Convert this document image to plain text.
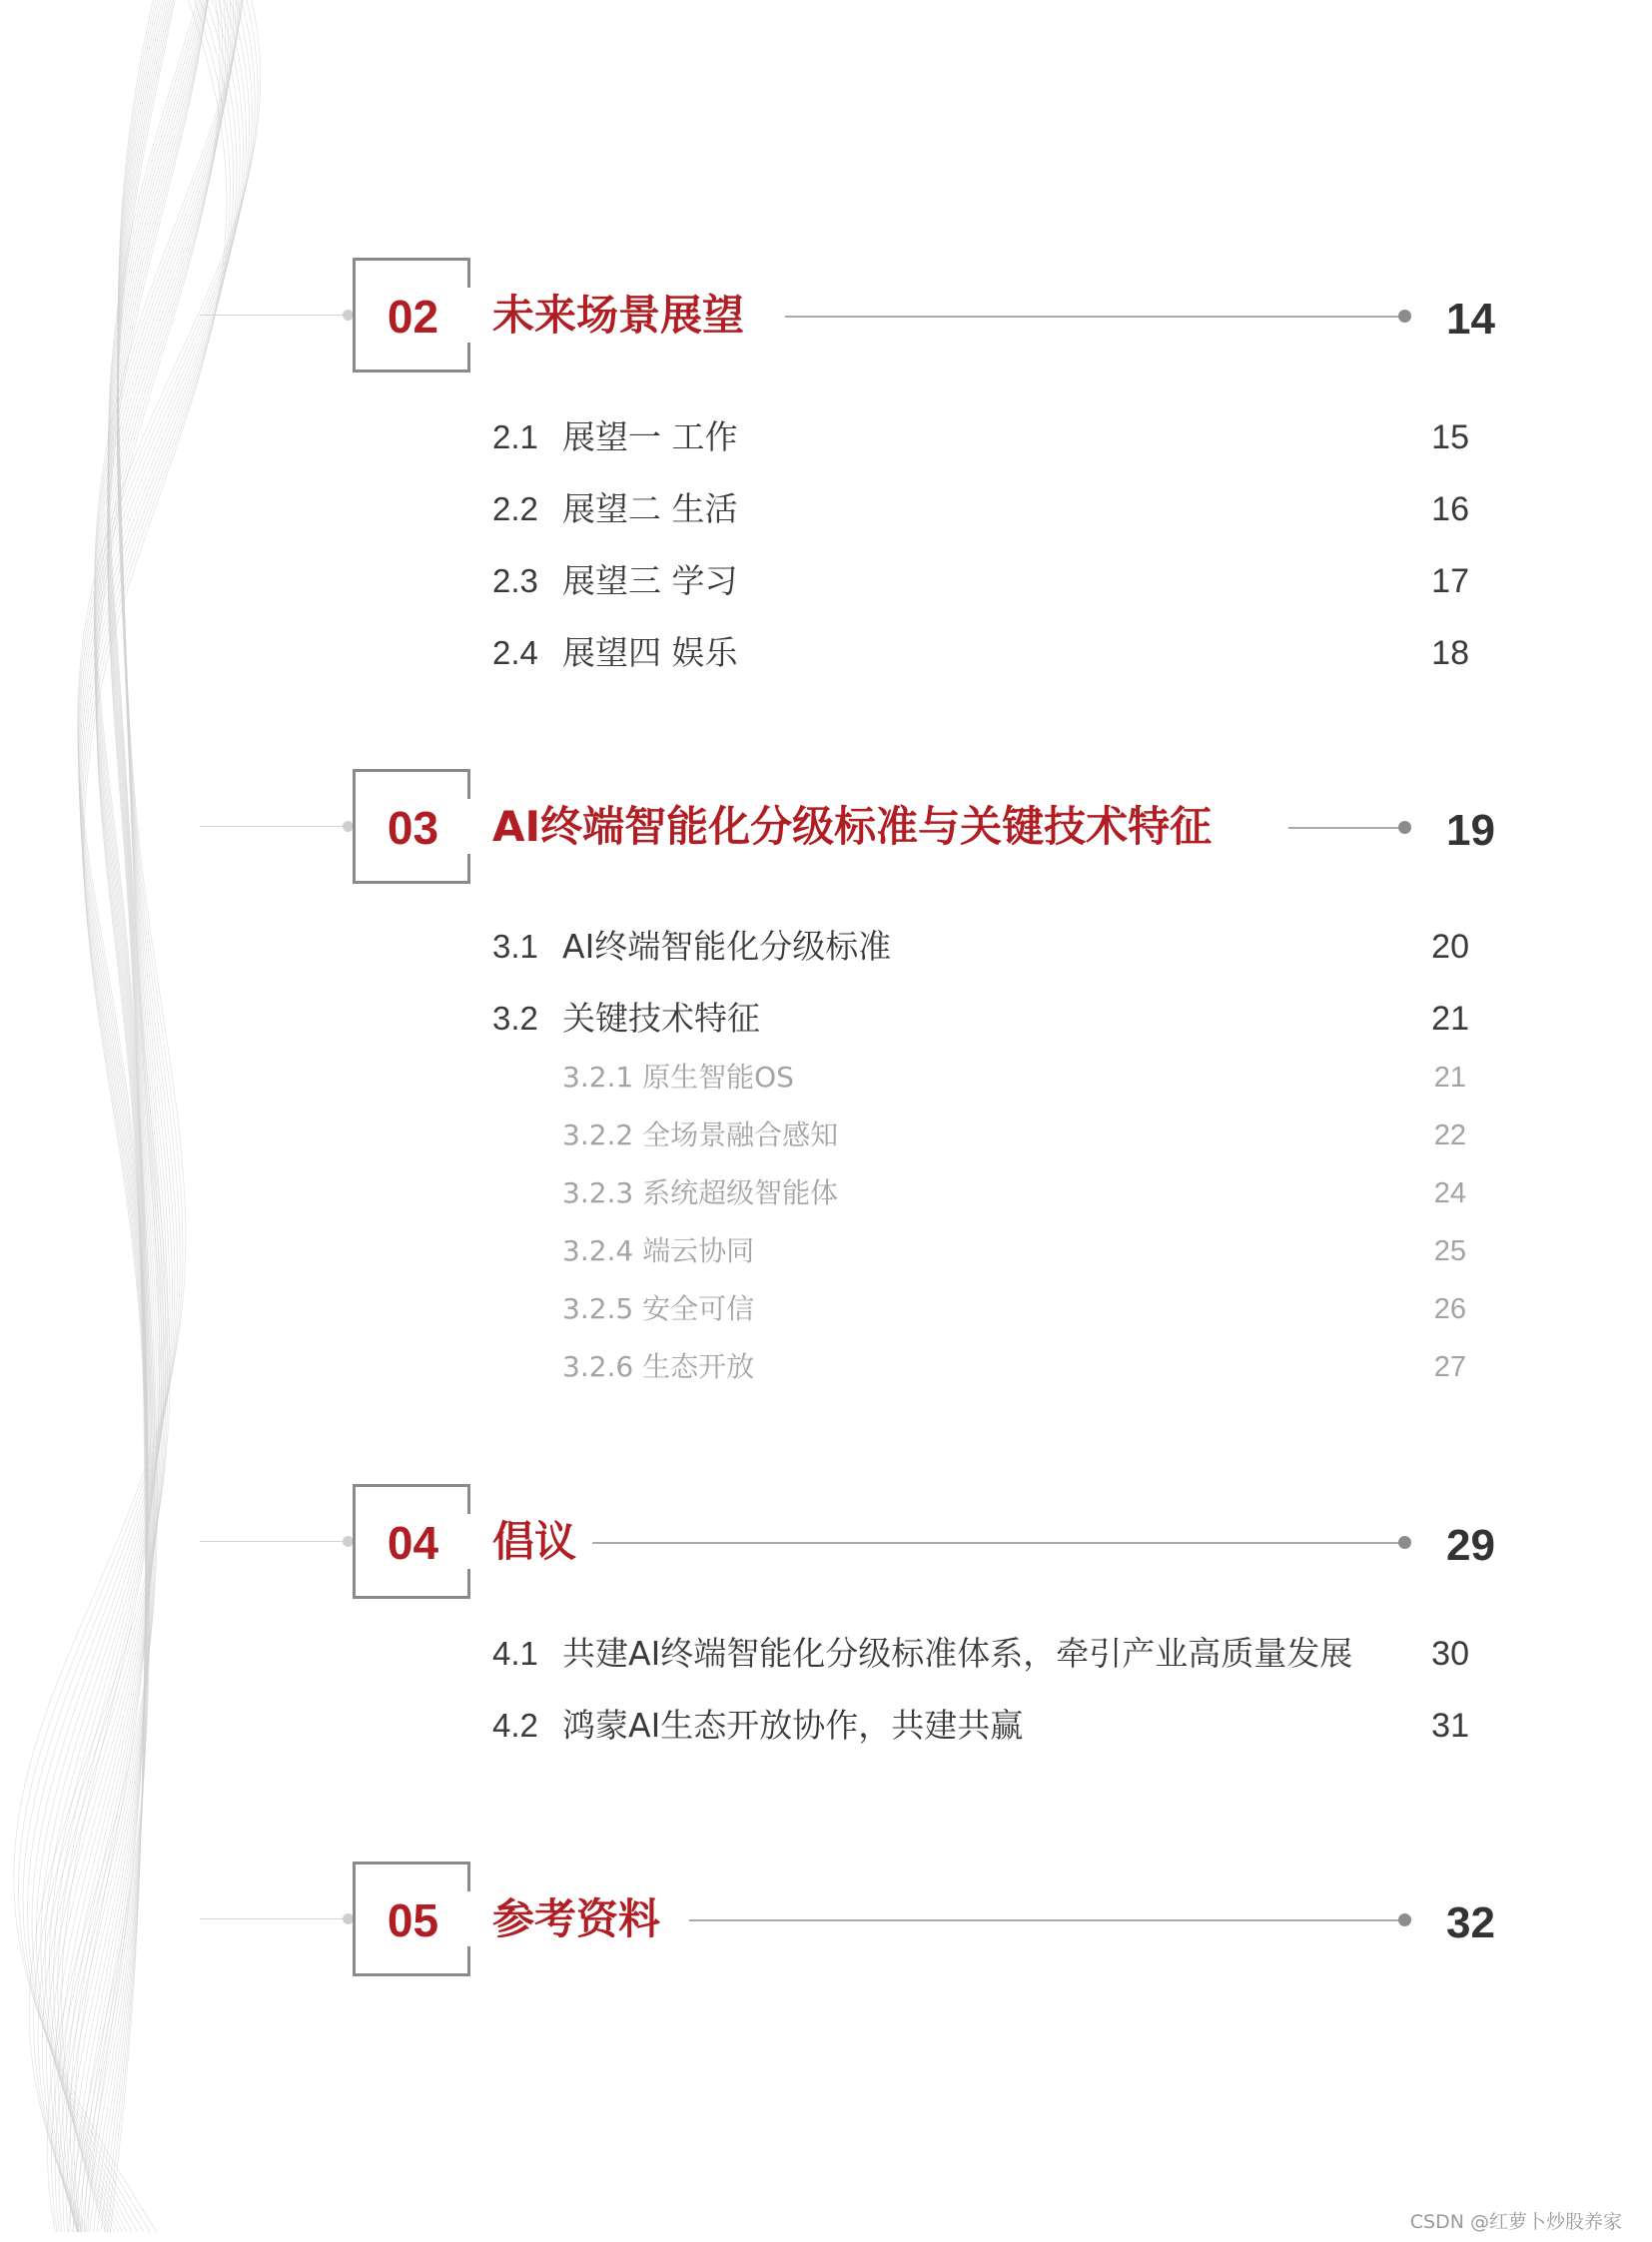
02	未来场景展望	14
2.1 展望一 工作	15
2.2 展望二 生活	16
2.3 展望三 学习	17
2.4 展望四 娱乐	18
03	AI终端智能化分级标准与关键技术特征	19
3.1 AI终端智能化分级标准	20
3.2 关键技术特征	21
3.2.1 原生智能OS	21
3.2.2 全场景融合感知	22
3.2.3 系统超级智能体	24
3.2.4 端云协同	25
3.2.5 安全可信	26
3.2.6 生态开放	27
04	倡议	29
4.1 共建AI终端智能化分级标准体系，牵引产业高质量发展	30
4.2 鸿蒙AI生态开放协作，共建共赢	31
05	参考资料	32
CSDN @红萝卜炒股养家
